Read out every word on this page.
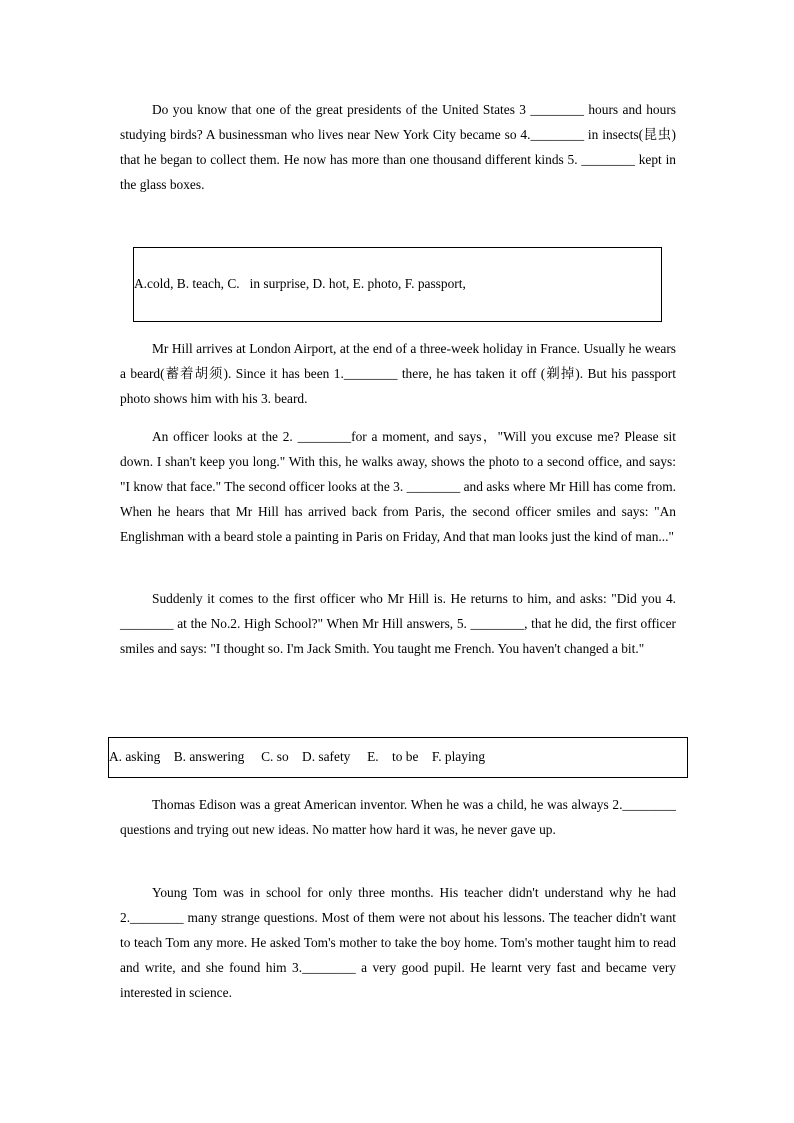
Do you know that one of the great presidents of the United States 3 ________ hours and hours studying birds? A businessman who lives near New York City became so 4.________ in insects(昆虫) that he began to collect them. He now has more than one thousand different kinds 5. ________ kept in the glass boxes.

A.cold, B. teach, C.   in surprise, D. hot, E. photo, F. passport,

Mr Hill arrives at London Airport, at the end of a three-week holiday in France. Usually he wears a beard(蓄着胡须). Since it has been 1.________ there, he has taken it off (剃掉). But his passport photo shows him with his 3. beard.

An officer looks at the 2. ________for a moment, and says，"Will you excuse me? Please sit down. I shan't keep you long." With this, he walks away, shows the photo to a second office, and says: "I know that face." The second officer looks at the 3. ________ and asks where Mr Hill has come from. When he hears that Mr Hill has arrived back from Paris, the second officer smiles and says: "An Englishman with a beard stole a painting in Paris on Friday, And that man looks just the kind of man..."

Suddenly it comes to the first officer who Mr Hill is. He returns to him, and asks: "Did you 4. ________ at the No.2. High School?" When Mr Hill answers, 5. ________, that he did, the first officer smiles and says: "I thought so. I'm Jack Smith. You taught me French. You haven't changed a bit."

A. asking    B. answering     C. so    D. safety     E.    to be    F. playing

Thomas Edison was a great American inventor. When he was a child, he was always 2.________ questions and trying out new ideas. No matter how hard it was, he never gave up.

Young Tom was in school for only three months. His teacher didn't understand why he had 2.________ many strange questions. Most of them were not about his lessons. The teacher didn't want to teach Tom any more. He asked Tom's mother to take the boy home. Tom's mother taught him to read and write, and she found him 3.________ a very good pupil. He learnt very fast and became very interested in science.
